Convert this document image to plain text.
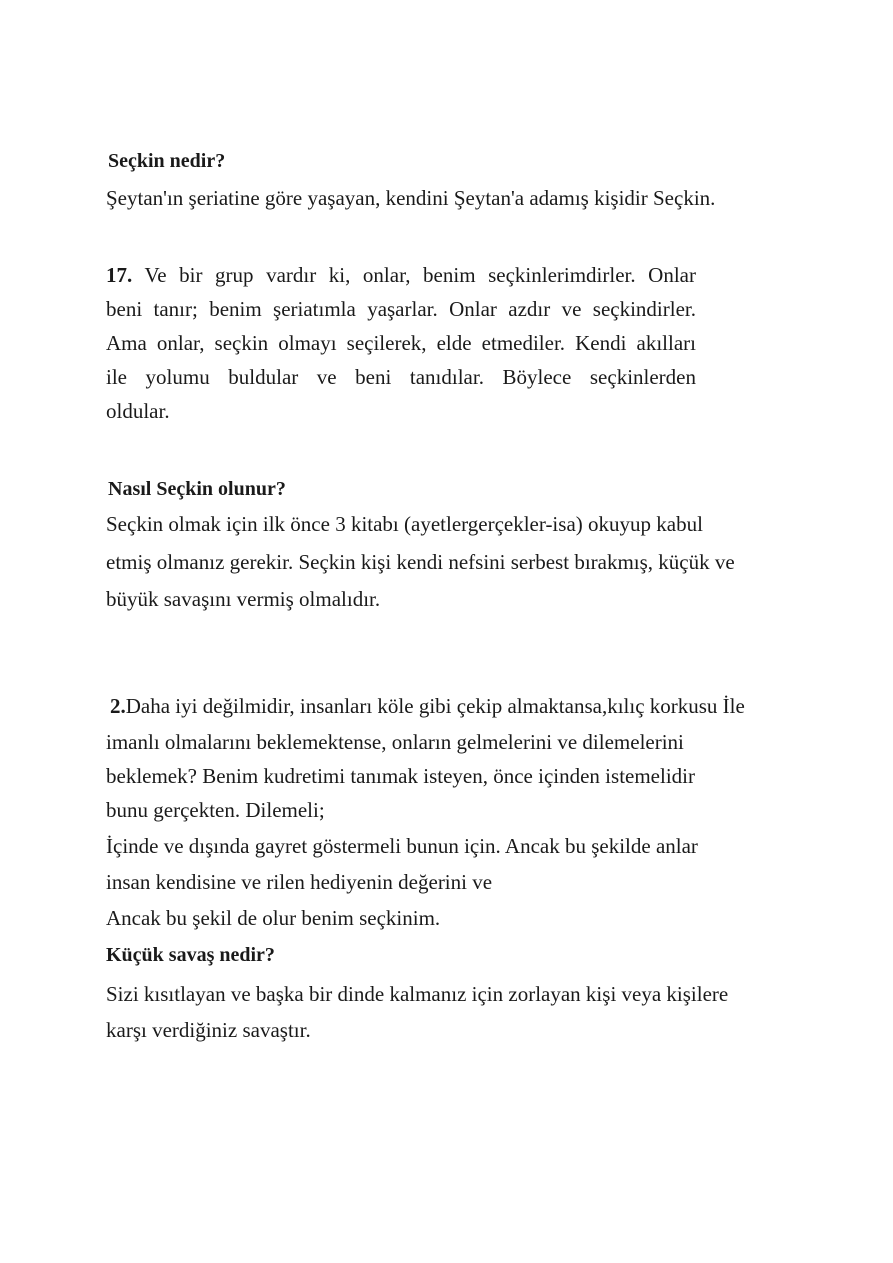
Seçkin nedir?
Şeytan'ın şeriatine göre yaşayan, kendini Şeytan'a adamış kişidir Seçkin.
17. Ve bir grup vardır ki, onlar, benim seçkinlerimdirler. Onlar
beni tanır; benim şeriatımla yaşarlar. Onlar azdır ve seçkindirler.
Ama onlar, seçkin olmayı seçilerek, elde etmediler. Kendi akılları
ile yolumu buldular ve beni tanıdılar. Böylece seçkinlerden
oldular.
Nasıl Seçkin olunur?
Seçkin olmak için ilk önce 3 kitabı (ayetlergerçekler-isa) okuyup kabul
etmiş olmanız gerekir. Seçkin kişi kendi nefsini serbest bırakmış, küçük ve
büyük savaşını vermiş olmalıdır.
2.Daha iyi değilmidir, insanları köle gibi çekip almaktansa,kılıç korkusu İle
imanlı olmalarını beklemektense, onların gelmelerini ve dilemelerini
beklemek? Benim kudretimi tanımak isteyen, önce içinden istemelidir
bunu gerçekten. Dilemeli;
İçinde ve dışında gayret göstermeli bunun için. Ancak bu şekilde anlar
insan kendisine ve rilen hediyenin değerini ve
Ancak bu şekil de olur benim seçkinim.
Küçük savaş nedir?
Sizi kısıtlayan ve başka bir dinde kalmanız için zorlayan kişi veya kişilere
karşı verdiğiniz savaştır.
